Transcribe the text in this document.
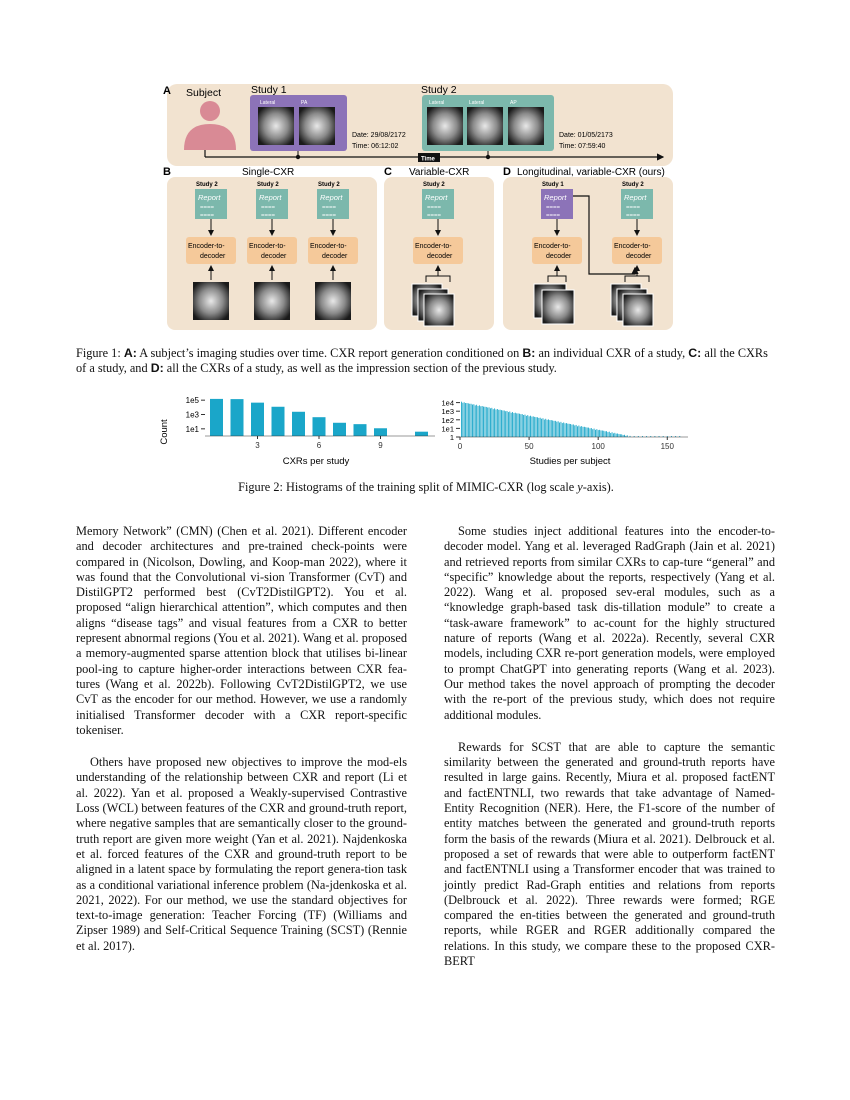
A Subject	Study 1
Lateral	PA
Date: 29/08/2172
Time: 06:12:02
Study 2
Lateral	Lateral	AP
Date: 01/05/2173
Time: 07:59:40
Time
B	Single-CXR	C Variable-CXR	D Longitudinal, variable-CXR (ours)
Study 2
Report
====
====
Encoder-to-
decoder
Study 2
Report
====
====
Encoder-to-
decoder
Study 2
Report
====
====
Encoder-to-
decoder
Study 2
Report
====
====
Encoder-to-
decoder
Study 1
Report
====
====
Encoder-to-
decoder
Study 2
Report
====
====
Encoder-to-
decoder
Figure 1: A: A subject’s imaging studies over time. CXR report generation conditioned on B: an individual CXR of a study, C: all the CXRs of a study, and D: all the CXRs of a study, as well as the impression section of the previous study.
Count 1e1
1e3
1e5
3	6	9
CXRs per study
1
1e1
1e2
1e3
1e4
0	50	100	150
Studies per subject
Figure 2: Histograms of the training split of MIMIC-CXR (log scale y-axis).

Memory Network” (CMN) (Chen et al. 2021). Different encoder and decoder architectures and pre-trained check-points were compared in (Nicolson, Dowling, and Koop-man 2022), where it was found that the Convolutional vi-sion Transformer (CvT) and DistilGPT2 performed best (CvT2DistilGPT2). You et al. proposed “align hierarchical attention”, which computes and then aligns “disease tags” and visual features from a CXR to better represent abnormal regions (You et al. 2021). Wang et al. proposed a memory-augmented sparse attention block that utilises bi-linear pool-ing to capture higher-order interactions between CXR fea-tures (Wang et al. 2022b). Following CvT2DistilGPT2, we use CvT as the encoder for our method. However, we use a randomly initialised Transformer decoder with a CXR report-specific tokeniser.

Others have proposed new objectives to improve the mod-els understanding of the relationship between CXR and report (Li et al. 2022). Yan et al. proposed a Weakly-supervised Contrastive Loss (WCL) between features of the CXR and ground-truth report, where negative samples that are semantically closer to the ground-truth report are given more weight (Yan et al. 2021). Najdenkoska et al. forced features of the CXR and ground-truth report to be aligned in a latent space by formulating the report genera-tion task as a conditional variational inference problem (Na-jdenkoska et al. 2021, 2022). For our method, we use the standard objectives for text-to-image generation: Teacher Forcing (TF) (Williams and Zipser 1989) and Self-Critical Sequence Training (SCST) (Rennie et al. 2017).

Some studies inject additional features into the encoder-to-decoder model. Yang et al. leveraged RadGraph (Jain et al. 2021) and retrieved reports from similar CXRs to cap-ture “general” and “specific” knowledge about the reports, respectively (Yang et al. 2022). Wang et al. proposed sev-eral modules, such as a “knowledge graph-based task dis-tillation module” to create a “task-aware framework” to ac-count for the highly structured nature of reports (Wang et al. 2022a). Recently, several CXR models, including CXR re-port generation models, were employed to prompt ChatGPT into generating reports (Wang et al. 2023). Our method takes the novel approach of prompting the decoder with the re-port of the previous study, which does not require additional modules.

Rewards for SCST that are able to capture the semantic similarity between the generated and ground-truth reports have resulted in large gains. Recently, Miura et al. proposed factENT and factENTNLI, two rewards that take advantage of Named-Entity Recognition (NER). Here, the F1-score of the number of entity matches between the generated and ground-truth reports form the basis of the rewards (Miura et al. 2021). Delbrouck et al. proposed a set of rewards that were able to outperform factENT and factENTNLI using a Transformer encoder that was trained to jointly predict Rad-Graph entities and relations from reports (Delbrouck et al. 2022). Three rewards were formed; RGE compared the en-tities between the generated and ground-truth reports, while RGER and RGER additionally compared the relations. In this study, we compare these to the proposed CXR-BERT
